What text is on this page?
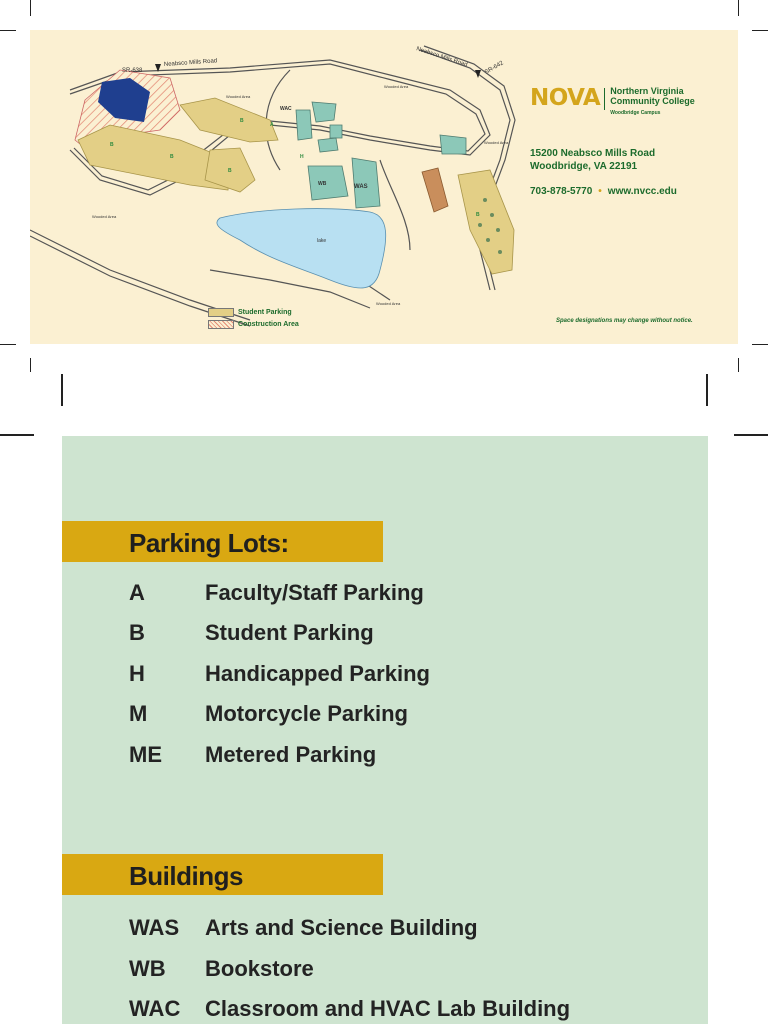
SR-638
Neabsco Mills Road	Neabsco Mills Road	SR-642
WAS
WAC
WB
lake
Wooded Area
Wooded Area
Wooded Area
Wooded Area
Wooded Area
B
B
B
A
B
B
H
NOVA Northern Virginia
Community College
Woodbridge Campus
15200 Neabsco Mills Road
Woodbridge, VA 22191
703-878-5770 • www.nvcc.edu
Student Parking
Construction Area	Space designations may change without notice.
Parking Lots:
A	Faculty/Staff Parking
B	Student Parking
H	Handicapped Parking
M	Motorcycle Parking
ME	Metered Parking
Buildings
WAS	Arts and Science Building
WB	Bookstore
WAC	Classroom and HVAC Lab Building
